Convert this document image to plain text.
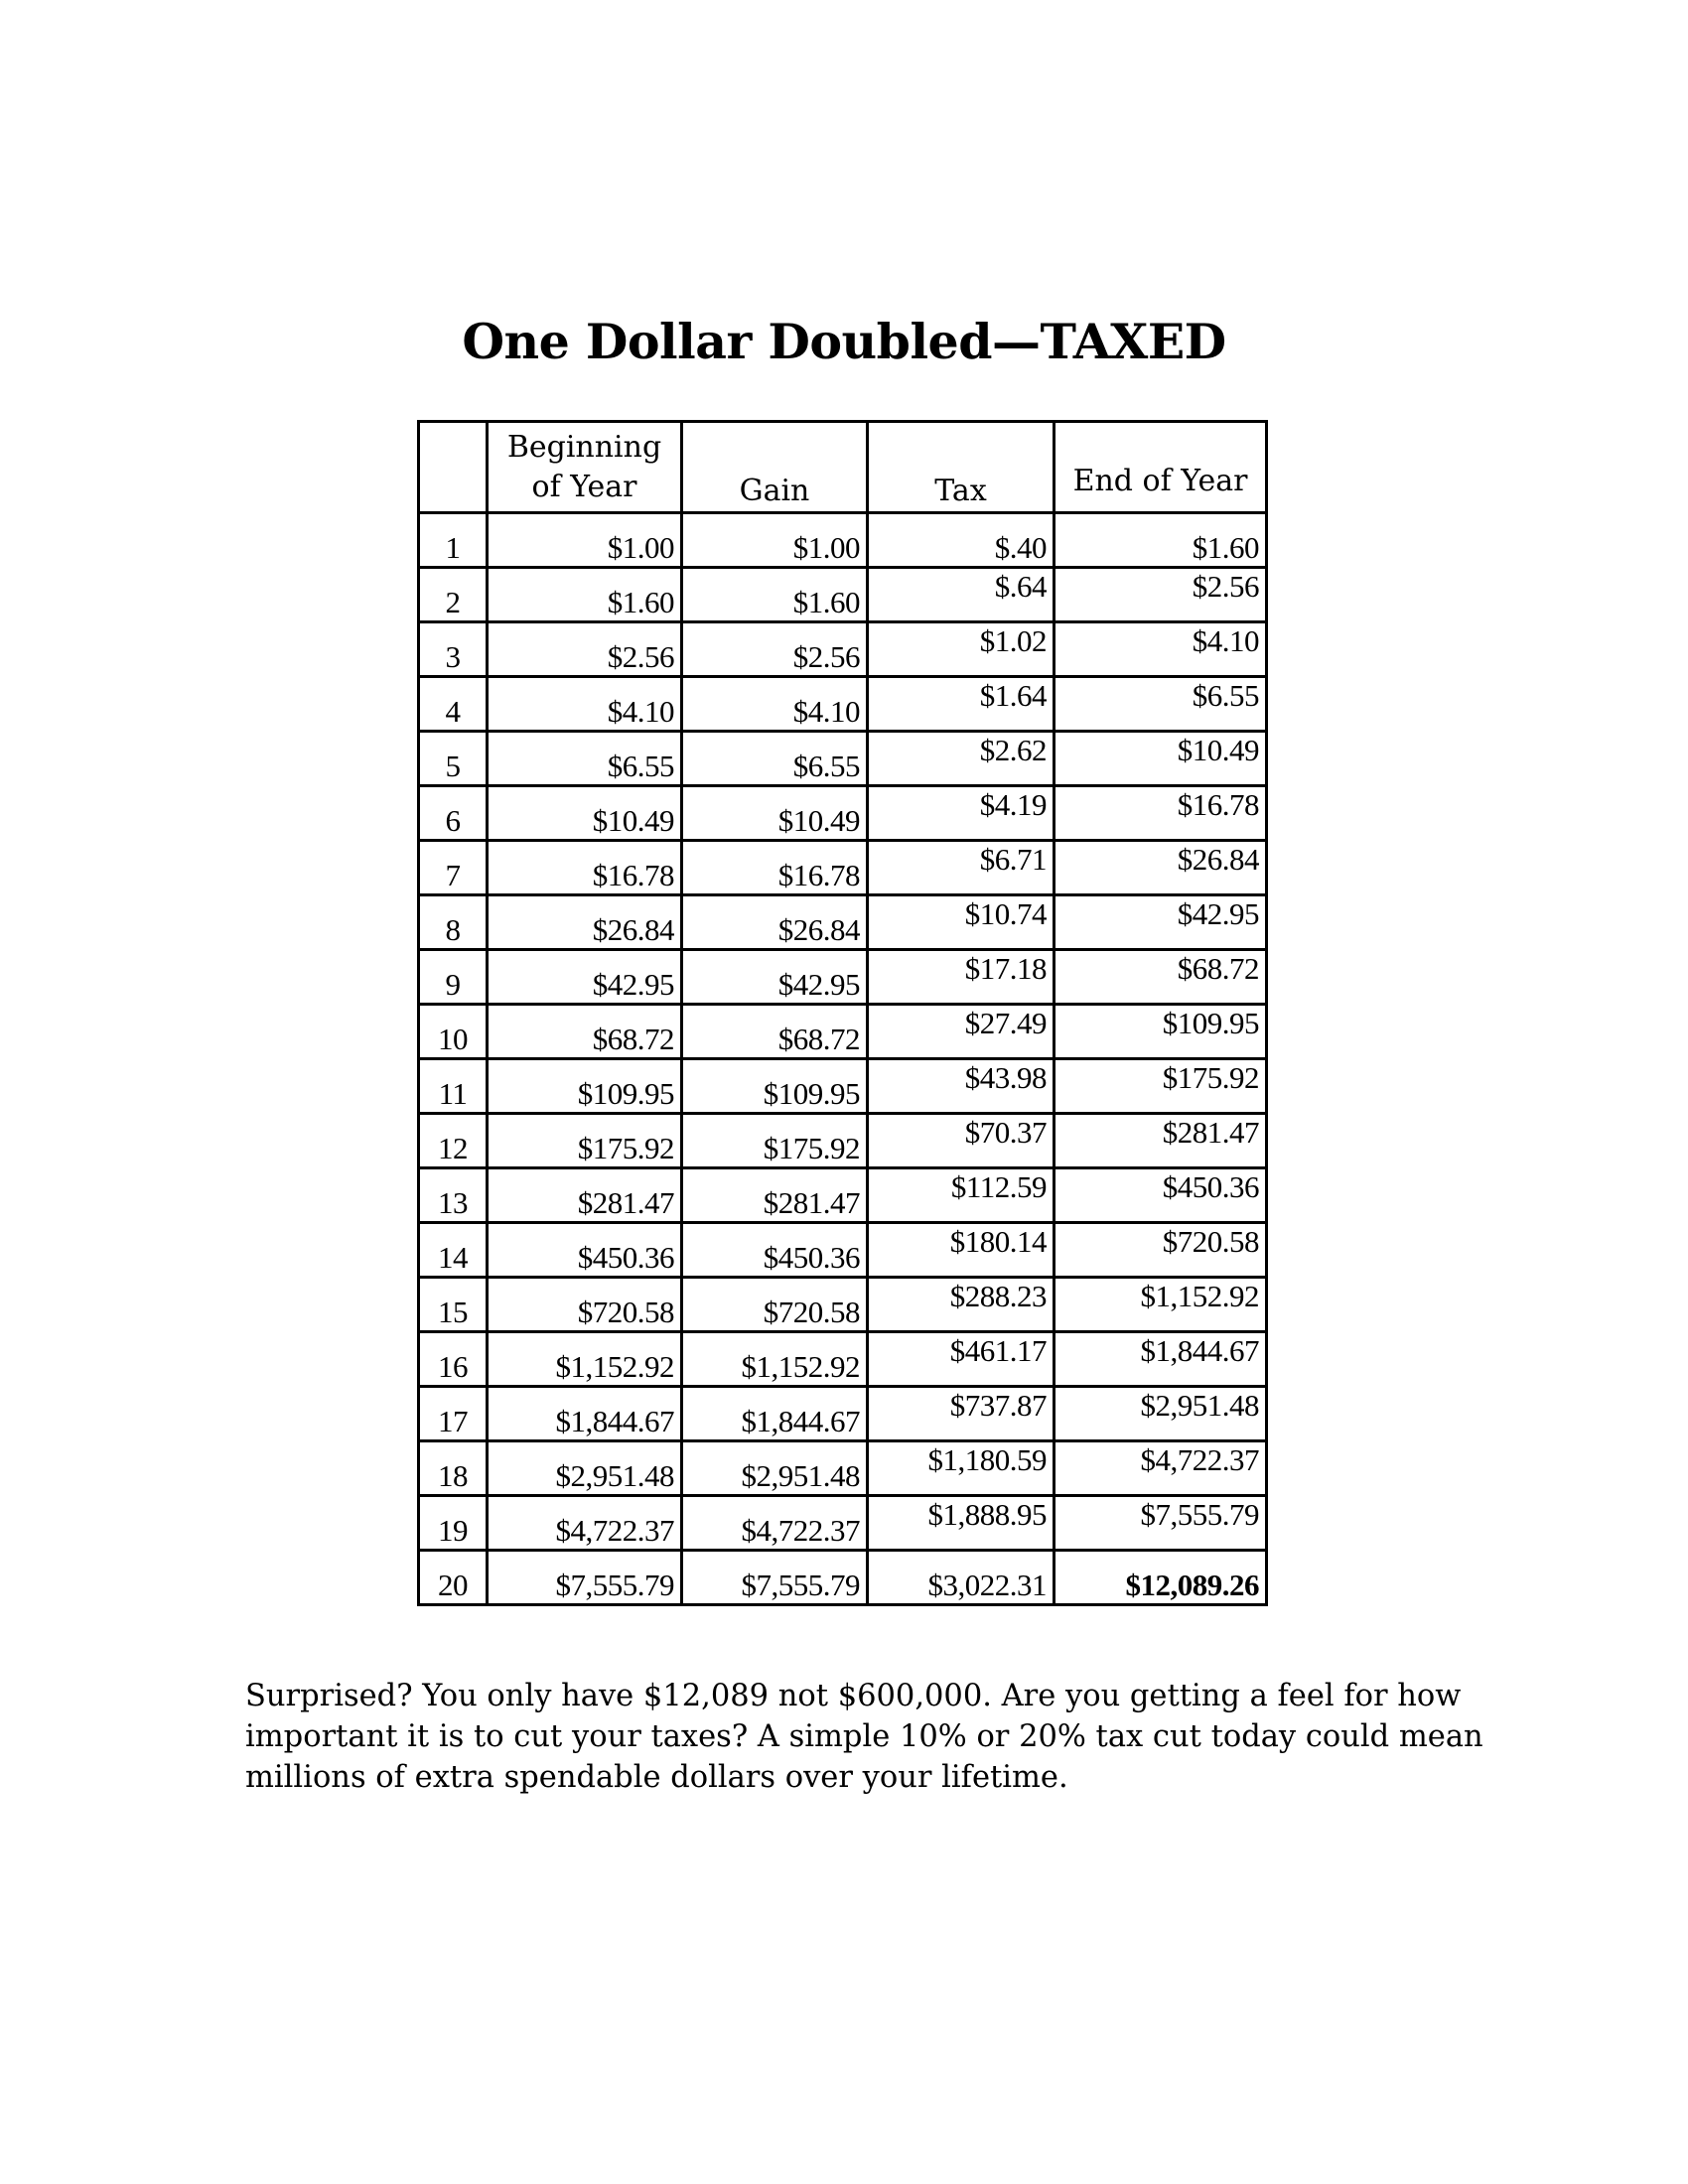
One Dollar Doubled—TAXED

	Beginning
of Year	Gain	Tax	End of Year
1	$1.00	$1.00	$.40	$1.60
2	$1.60	$1.60	$.64	$2.56
3	$2.56	$2.56	$1.02	$4.10
4	$4.10	$4.10	$1.64	$6.55
5	$6.55	$6.55	$2.62	$10.49
6	$10.49	$10.49	$4.19	$16.78
7	$16.78	$16.78	$6.71	$26.84
8	$26.84	$26.84	$10.74	$42.95
9	$42.95	$42.95	$17.18	$68.72
10	$68.72	$68.72	$27.49	$109.95
11	$109.95	$109.95	$43.98	$175.92
12	$175.92	$175.92	$70.37	$281.47
13	$281.47	$281.47	$112.59	$450.36
14	$450.36	$450.36	$180.14	$720.58
15	$720.58	$720.58	$288.23	$1,152.92
16	$1,152.92	$1,152.92	$461.17	$1,844.67
17	$1,844.67	$1,844.67	$737.87	$2,951.48
18	$2,951.48	$2,951.48	$1,180.59	$4,722.37
19	$4,722.37	$4,722.37	$1,888.95	$7,555.79
20	$7,555.79	$7,555.79	$3,022.31	$12,089.26
Surprised? You only have $12,089 not $600,000. Are you getting a feel for how
important it is to cut your taxes? A simple 10% or 20% tax cut today could mean
millions of extra spendable dollars over your lifetime.
